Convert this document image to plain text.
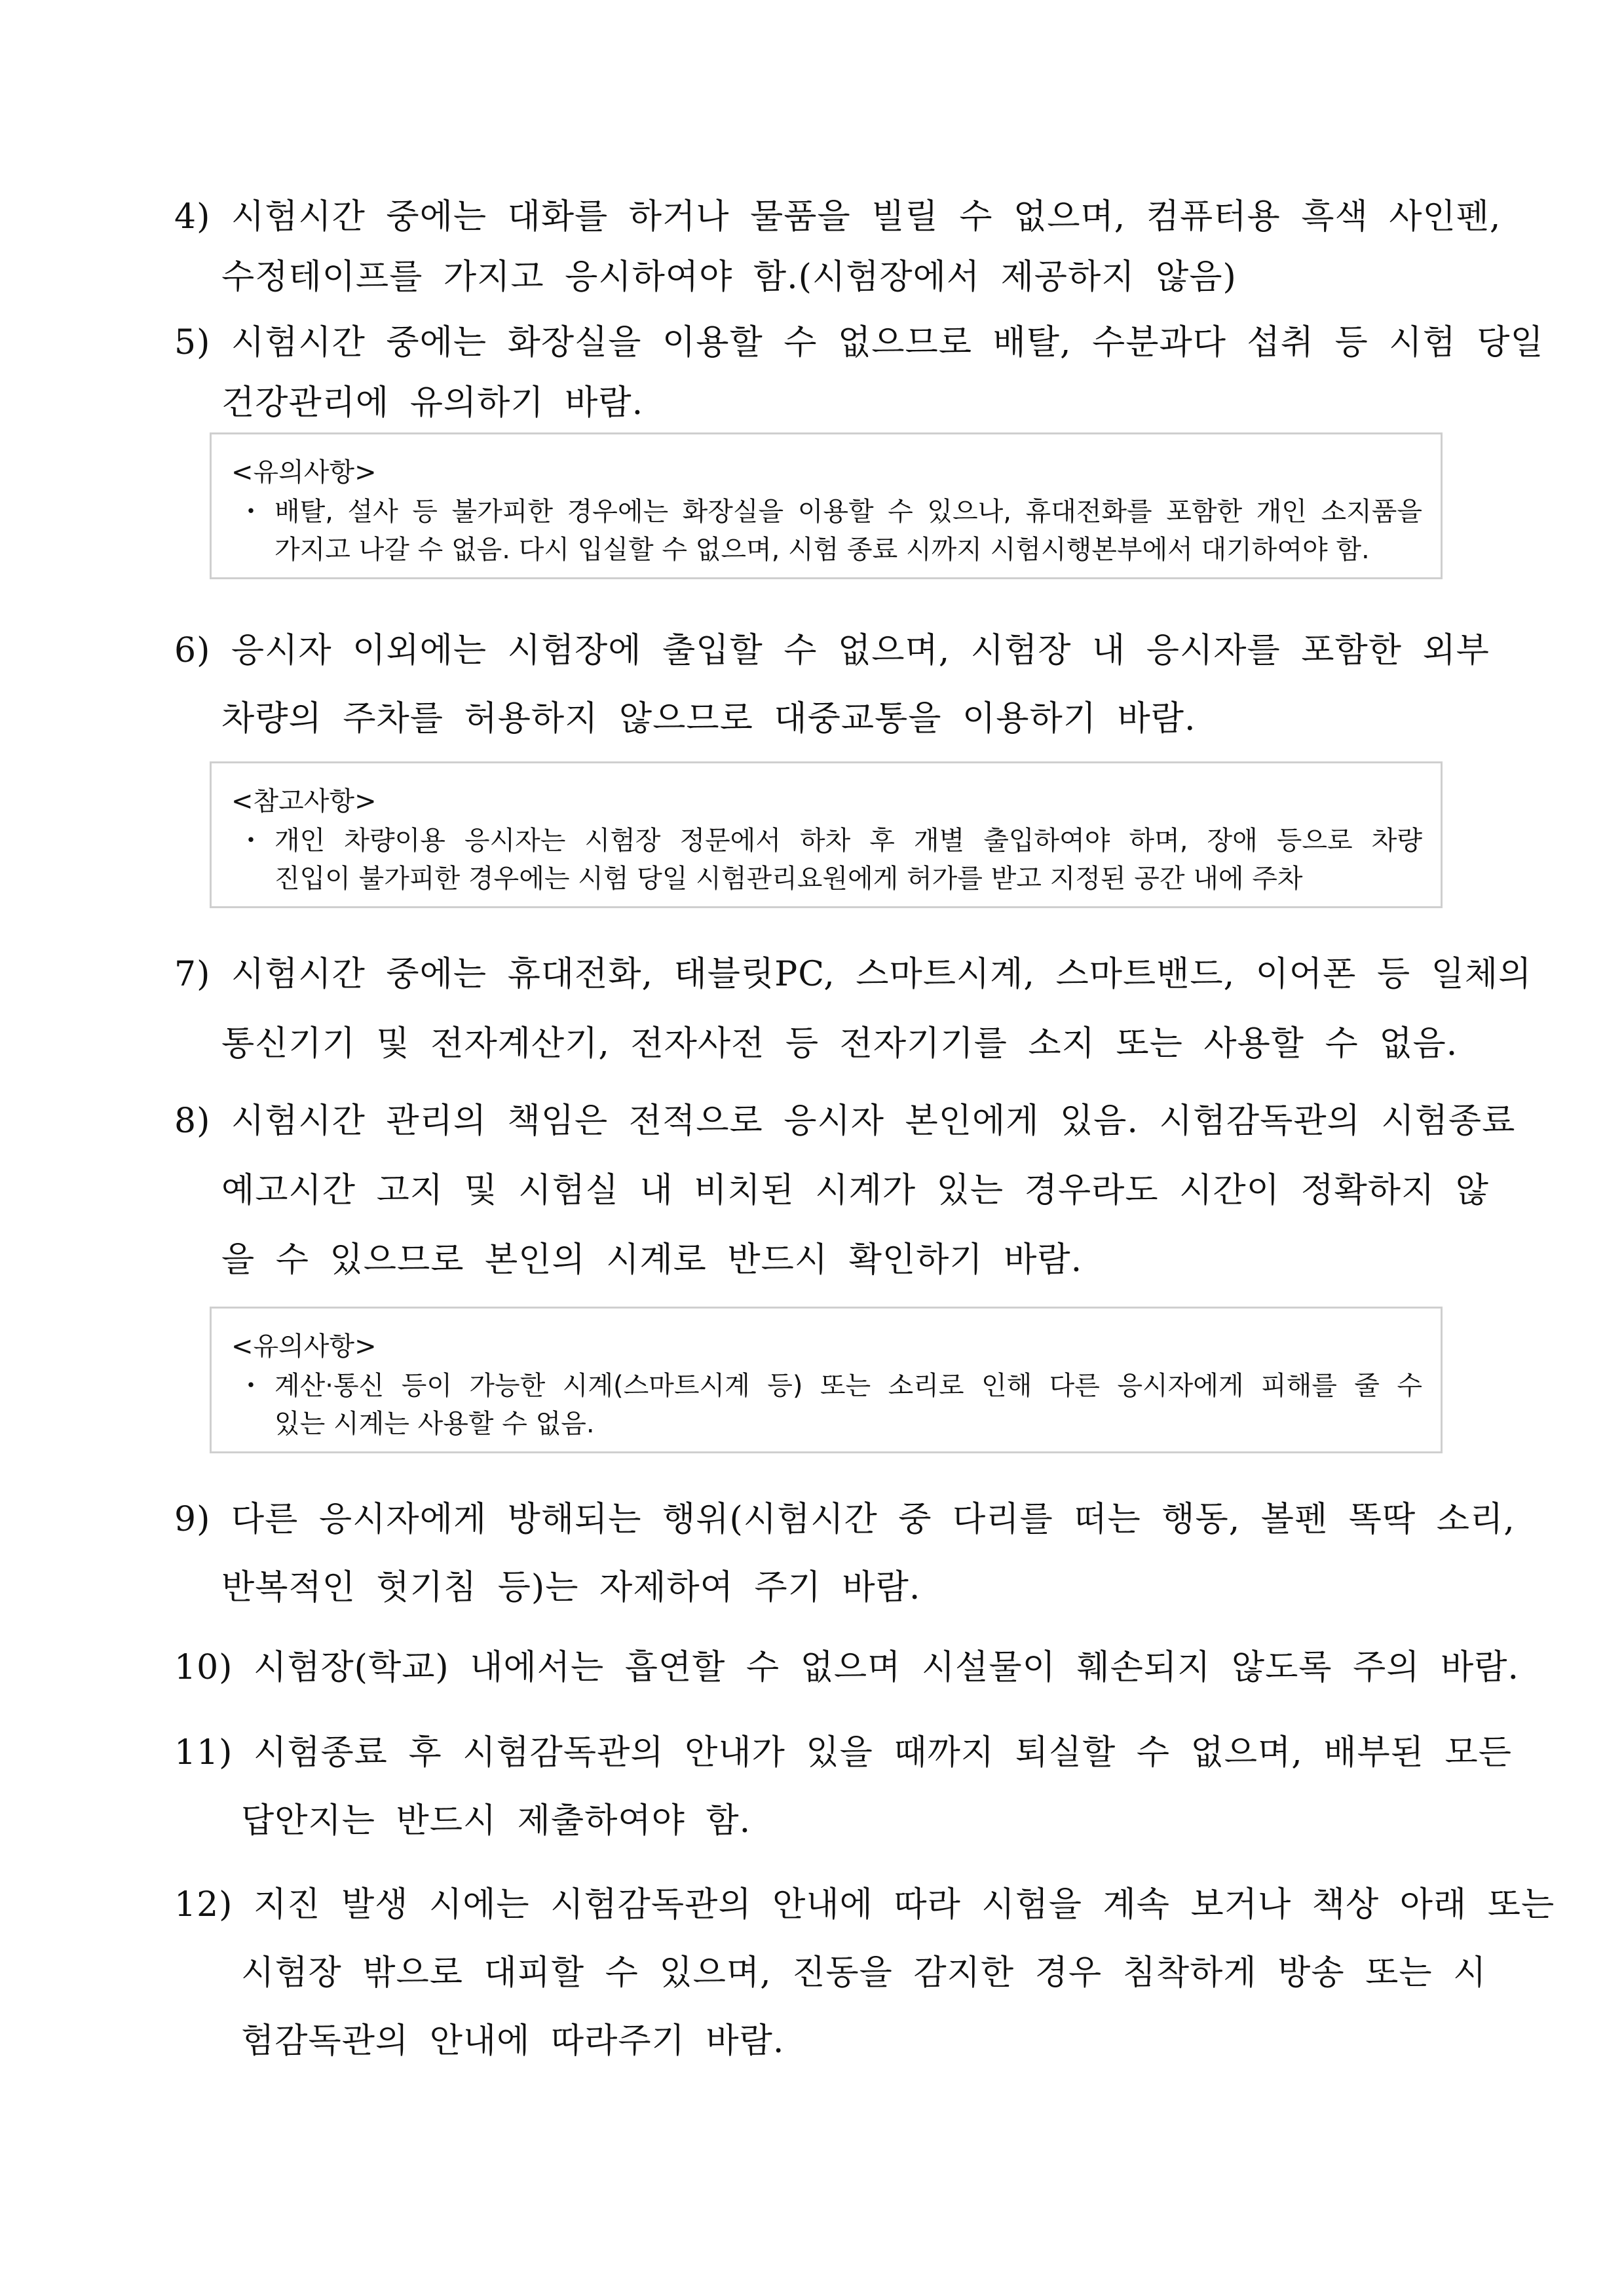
4) 시험시간 중에는 대화를 하거나 물품을 빌릴 수 없으며, 컴퓨터용 흑색 사인펜,
수정테이프를 가지고 응시하여야 함.(시험장에서 제공하지 않음)
5) 시험시간 중에는 화장실을 이용할 수 없으므로 배탈, 수분과다 섭취 등 시험 당일
건강관리에 유의하기 바람.
<유의사항>
・ 배탈, 설사 등 불가피한 경우에는 화장실을 이용할 수 있으나, 휴대전화를 포함한 개인 소지품을
가지고 나갈 수 없음. 다시 입실할 수 없으며, 시험 종료 시까지 시험시행본부에서 대기하여야 함.
6) 응시자 이외에는 시험장에 출입할 수 없으며, 시험장 내 응시자를 포함한 외부
차량의 주차를 허용하지 않으므로 대중교통을 이용하기 바람.
<참고사항>
・ 개인 차량이용 응시자는 시험장 정문에서 하차 후 개별 출입하여야 하며, 장애 등으로 차량
진입이 불가피한 경우에는 시험 당일 시험관리요원에게 허가를 받고 지정된 공간 내에 주차
7) 시험시간 중에는 휴대전화, 태블릿PC, 스마트시계, 스마트밴드, 이어폰 등 일체의
통신기기 및 전자계산기, 전자사전 등 전자기기를 소지 또는 사용할 수 없음.
8) 시험시간 관리의 책임은 전적으로 응시자 본인에게 있음. 시험감독관의 시험종료
예고시간 고지 및 시험실 내 비치된 시계가 있는 경우라도 시간이 정확하지 않
을 수 있으므로 본인의 시계로 반드시 확인하기 바람.
<유의사항>
・ 계산·통신 등이 가능한 시계(스마트시계 등) 또는 소리로 인해 다른 응시자에게 피해를 줄 수
있는 시계는 사용할 수 없음.
9) 다른 응시자에게 방해되는 행위(시험시간 중 다리를 떠는 행동, 볼펜 똑딱 소리,
반복적인 헛기침 등)는 자제하여 주기 바람.
10) 시험장(학교) 내에서는 흡연할 수 없으며 시설물이 훼손되지 않도록 주의 바람.
11) 시험종료 후 시험감독관의 안내가 있을 때까지 퇴실할 수 없으며, 배부된 모든
답안지는 반드시 제출하여야 함.
12) 지진 발생 시에는 시험감독관의 안내에 따라 시험을 계속 보거나 책상 아래 또는
시험장 밖으로 대피할 수 있으며, 진동을 감지한 경우 침착하게 방송 또는 시
험감독관의 안내에 따라주기 바람.
